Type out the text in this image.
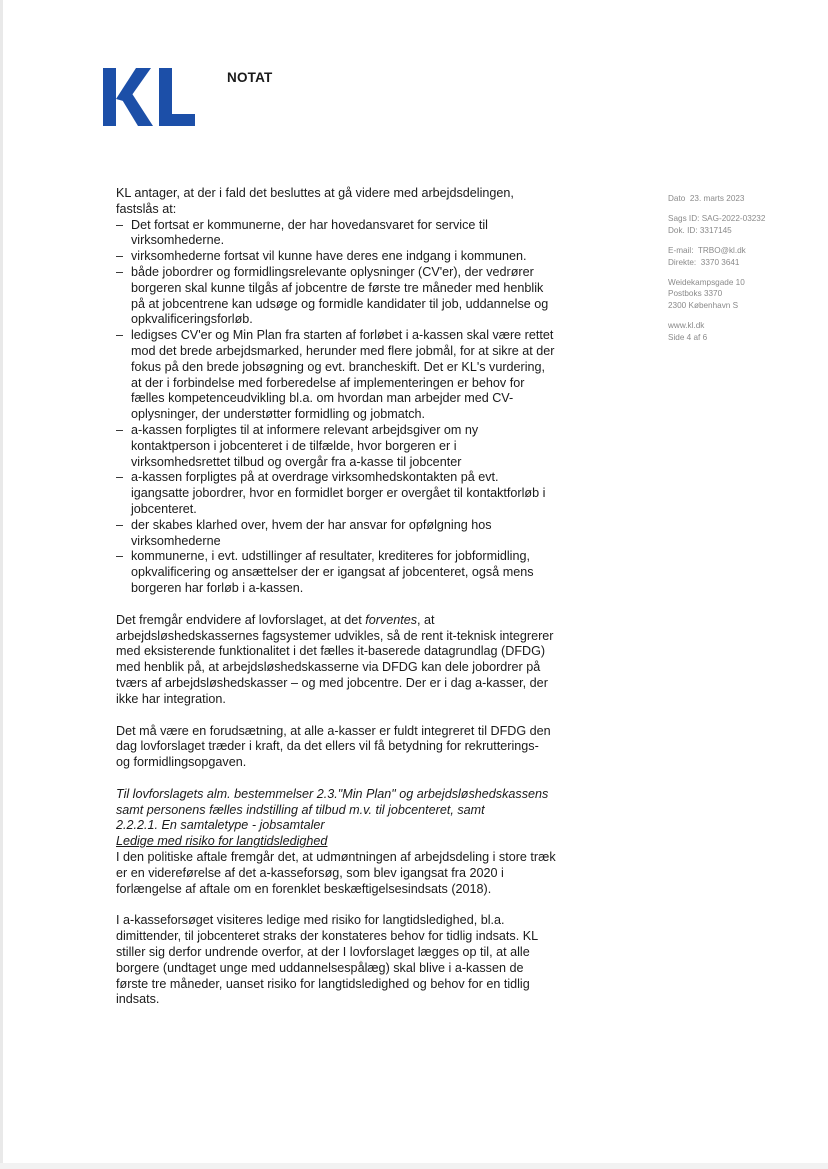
NOTAT

KL antager, at der i fald det besluttes at gå videre med arbejdsdelingen, fastslås at:

– Det fortsat er kommunerne, der har hovedansvaret for service til virksomhederne.
– virksomhederne fortsat vil kunne have deres ene indgang i kommunen.
– både jobordrer og formidlingsrelevante oplysninger (CV'er), der vedrører borgeren skal kunne tilgås af jobcentre de første tre måneder med henblik på at jobcentrene kan udsøge og formidle kandidater til job, uddannelse og opkvalificeringsforløb.
– ledigses CV'er og Min Plan fra starten af forløbet i a-kassen skal være rettet mod det brede arbejdsmarked, herunder med flere jobmål, for at sikre at der fokus på den brede jobsøgning og evt. brancheskift. Det er KL's vurdering, at der i forbindelse med forberedelse af implementeringen er behov for fælles kompetenceudvikling bl.a. om hvordan man arbejder med CV-oplysninger, der understøtter formidling og jobmatch.
– a-kassen forpligtes til at informere relevant arbejdsgiver om ny kontaktperson i jobcenteret i de tilfælde, hvor borgeren er i virksomhedsrettet tilbud og overgår fra a-kasse til jobcenter
– a-kassen forpligtes på at overdrage virksomhedskontakten på evt. igangsatte jobordrer, hvor en formidlet borger er overgået til kontaktforløb i jobcenteret.
– der skabes klarhed over, hvem der har ansvar for opfølgning hos virksomhederne
– kommunerne, i evt. udstillinger af resultater, krediteres for jobformidling, opkvalificering og ansættelser der er igangsat af jobcenteret, også mens borgeren har forløb i a-kassen.

Det fremgår endvidere af lovforslaget, at det forventes, at arbejdsløshedskassernes fagsystemer udvikles, så de rent it-teknisk integrerer med eksisterende funktionalitet i det fælles it-baserede datagrundlag (DFDG) med henblik på, at arbejdsløshedskasserne via DFDG kan dele jobordrer på tværs af arbejdsløshedskasser – og med jobcentre. Der er i dag a-kasser, der ikke har integration.

Det må være en forudsætning, at alle a-kasser er fuldt integreret til DFDG den dag lovforslaget træder i kraft, da det ellers vil få betydning for rekrutterings- og formidlingsopgaven.

Til lovforslagets alm. bestemmelser 2.3."Min Plan" og arbejdsløshedskassens samt personens fælles indstilling af tilbud m.v. til jobcenteret, samt

2.2.2.1. En samtaletype - jobsamtaler

Ledige med risiko for langtidsledighed

I den politiske aftale fremgår det, at udmøntningen af arbejdsdeling i store træk er en videreførelse af det a-kasseforsøg, som blev igangsat fra 2020 i forlængelse af aftale om en forenklet beskæftigelsesindsats (2018).

I a-kasseforsøget visiteres ledige med risiko for langtidsledighed, bl.a. dimittender, til jobcenteret straks der konstateres behov for tidlig indsats. KL stiller sig derfor undrende overfor, at der I lovforslaget lægges op til, at alle borgere (undtaget unge med uddannelsespålæg) skal blive i a-kassen de første tre måneder, uanset risiko for langtidsledighed og behov for en tidlig indsats.

Dato 23. marts 2023
Sags ID: SAG-2022-03232
Dok. ID: 3317145
E-mail: TRBO@kl.dk
Direkte: 3370 3641
Weidekampsgade 10
Postboks 3370
2300 København S
www.kl.dk
Side 4 af 6
